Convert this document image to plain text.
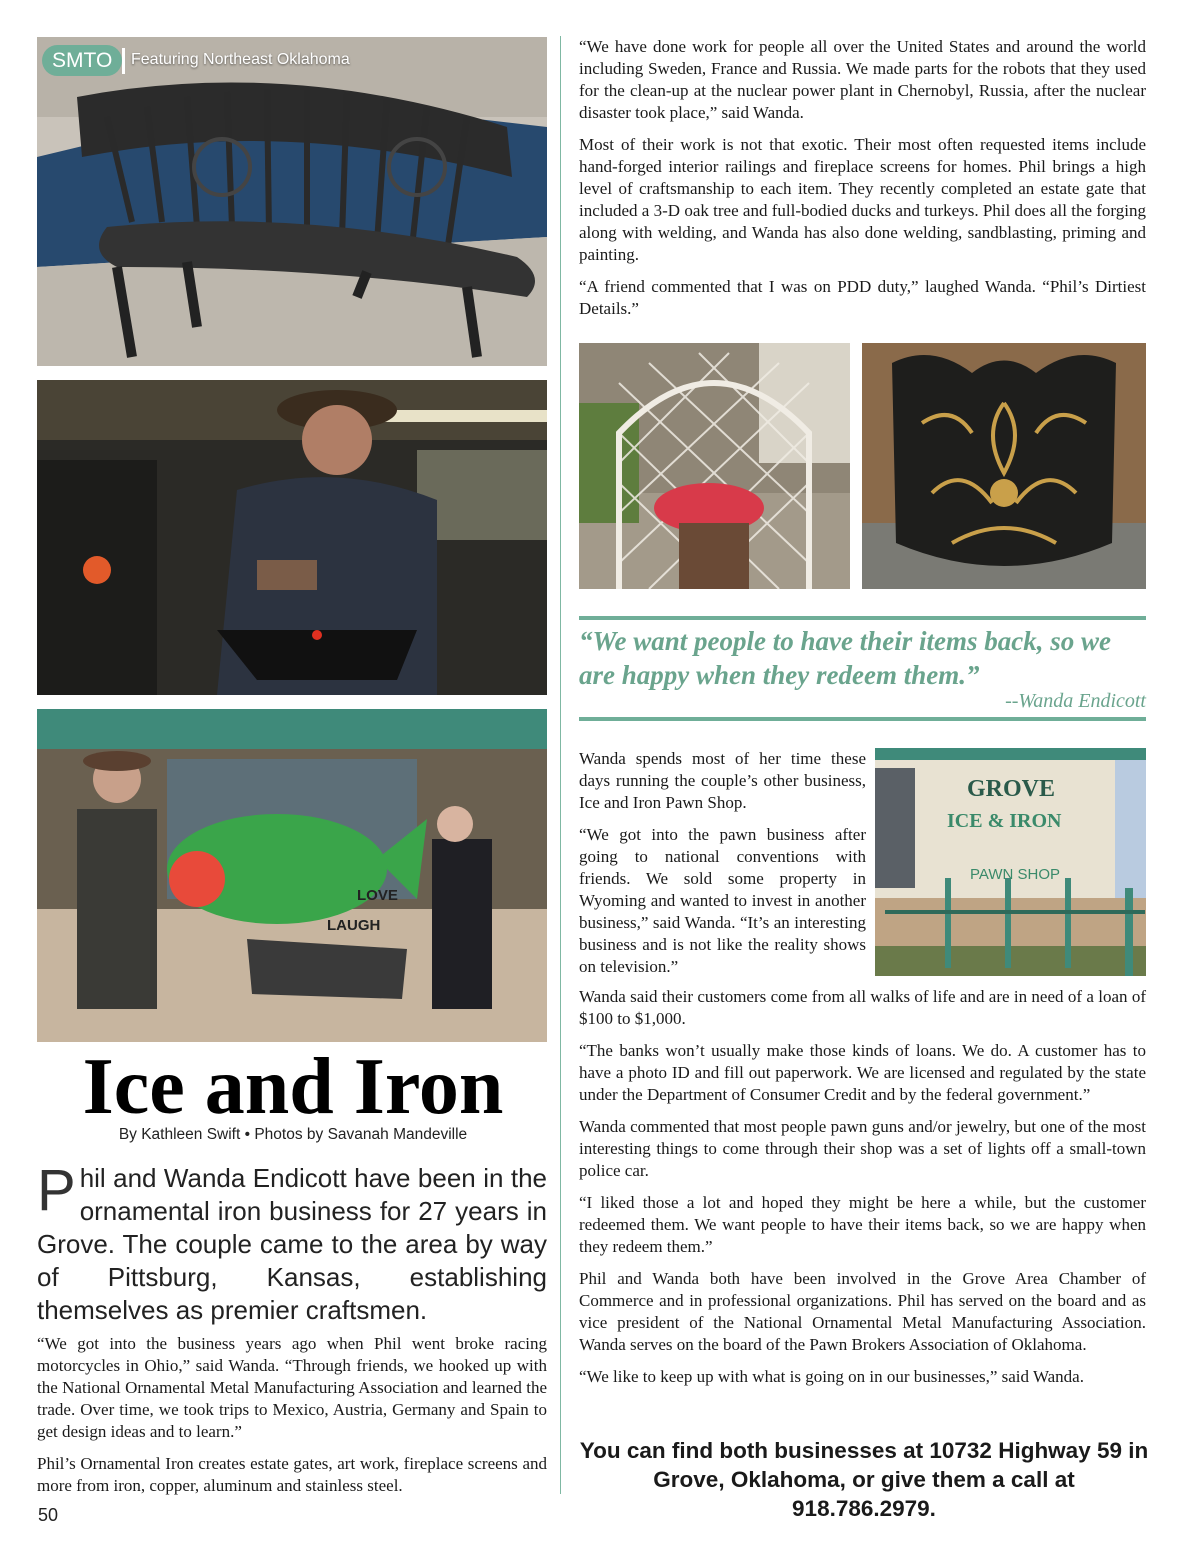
SMTO	Featuring Northeast Oklahoma
LOVE
LAUGH
Ice and Iron
By Kathleen Swift • Photos by Savanah Mandeville
Phil and Wanda Endicott have been in the ornamental iron business for 27 years in Grove. The couple came to the area by way of Pittsburg, Kansas, establishing themselves as premier craftsmen.

“We got into the business years ago when Phil went broke racing motorcycles in Ohio,” said Wanda. “Through friends, we hooked up with the National Ornamental Metal Manufacturing Association and learned the trade. Over time, we took trips to Mexico, Austria, Germany and Spain to get design ideas and to learn.”

Phil’s Ornamental Iron creates estate gates, art work, fireplace screens and more from iron, copper, aluminum and stainless steel.

“We have done work for people all over the United States and around the world including Sweden, France and Russia. We made parts for the robots that they used for the clean-up at the nuclear power plant in Chernobyl, Russia, after the nuclear disaster took place,” said Wanda.

Most of their work is not that exotic. Their most often requested items include hand-forged interior railings and fireplace screens for homes. Phil brings a high level of craftsmanship to each item. They recently completed an estate gate that included a 3-D oak tree and full-bodied ducks and turkeys. Phil does all the forging along with welding, and Wanda has also done welding, sandblasting, priming and painting.

“A friend commented that I was on PDD duty,” laughed Wanda. “Phil’s Dirtiest Details.”

“We want people to have their items back, so we are happy when they redeem them.”
--Wanda Endicott

Wanda spends most of her time these days running the couple’s other business, Ice and Iron Pawn Shop.

“We got into the pawn business after going to national conventions with friends. We sold some property in Wyoming and wanted to invest in another business,” said Wanda. “It’s an interesting business and is not like the reality shows on television.”

GROVE
ICE & IRON
PAWN SHOP

Wanda said their customers come from all walks of life and are in need of a loan of $100 to $1,000.

“The banks won’t usually make those kinds of loans. We do. A customer has to have a photo ID and fill out paperwork. We are licensed and regulated by the state under the Department of Consumer Credit and by the federal government.”

Wanda commented that most people pawn guns and/or jewelry, but one of the most interesting things to come through their shop was a set of lights off a small-town police car.

“I liked those a lot and hoped they might be here a while, but the customer redeemed them. We want people to have their items back, so we are happy when they redeem them.”

Phil and Wanda both have been involved in the Grove Area Chamber of Commerce and in professional organizations. Phil has served on the board and as vice president of the National Ornamental Metal Manufacturing Association. Wanda serves on the board of the Pawn Brokers Association of Oklahoma.

“We like to keep up with what is going on in our businesses,” said Wanda.

You can find both businesses at 10732 Highway 59 in Grove, Oklahoma, or give them a call at 918.786.2979.
50
